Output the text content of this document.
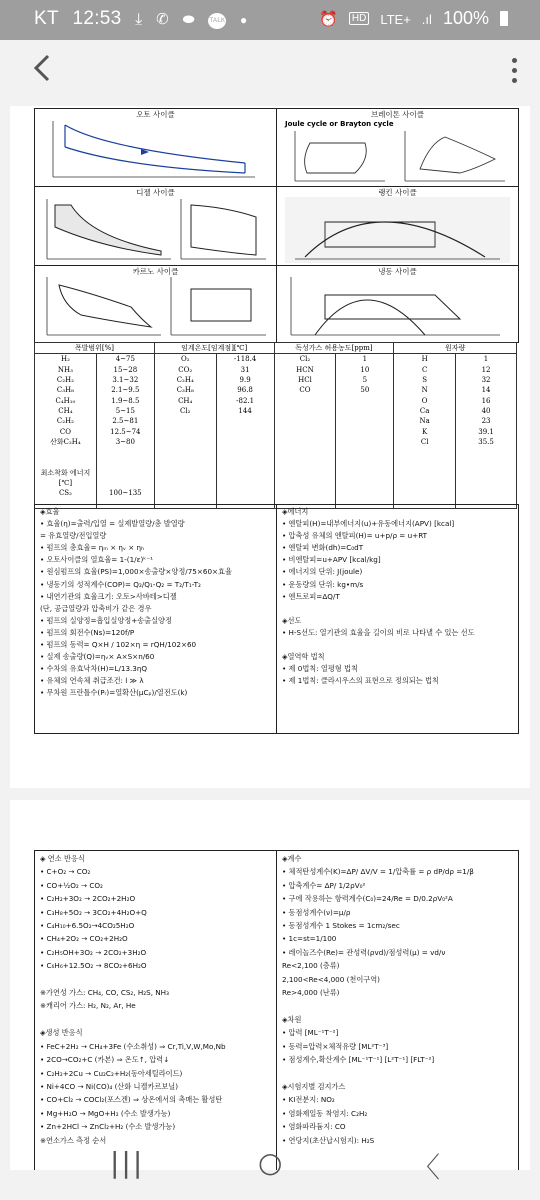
KT 12:53 ⤓ ✆ ⬬ TALK ●	⏰ HD LTE+ .ıl 100%
오토 사이클	브레이톤 사이클
디젤 사이클	랭킨 사이클
카르노 사이클	냉동 사이클
Joule cycle or Brayton cycle
폭발범위[%]		임계온도[임계점][℃]		독성가스 허용농도[ppm]		원자량	
H₂	4~75	O₂	-118.4	Cl₂	1	H	1
NH₃	15~28	CO₂	31	HCN	10	C	12
C₂H₂	3.1~32	C₂H₄	9.9	HCl	5	S	32
C₃H₈	2.1~9.5	C₃H₈	96.8	CO	50	N	14
C₄H₁₀	1.9~8.5	CH₄	-82.1			O	16
CH₄	5~15	Cl₂	144			Ca	40
C₂H₂	2.5~81					Na	23
CO	12.5~74					K	39.1
산화C₂H₄	3~80					Cl	35.5

최소착화 에너지[℃]							
CS₂	100~135						

◈효율
• 효율(η)=출력/입열 = 실제발열량/총 발열량
= 유효열량/전입열량
• 펌프의 총효율= ηₘ × ηᵥ × ηₕ
• 오토사이클의 열효율= 1-(1/ε)ᵏ⁻¹
• 원심펌프의 효율(PS)=1,000×송출량×양정/75×60×효율
• 냉동기의 성적계수(COP)= Q₂/Q₁-Q₂ = T₂/T₁-T₂
• 내연기관의 효율크기: 오토>사바테>디젤
(단, 공급열량과 압축비가 같은 경우
• 펌프의 실양정=흡입실양정+송출실양정
• 펌프의 회전수(Ns)=120f/P
• 펌프의 동력= Q×H / 102×η = rQH/102×60
• 실제 송출량(Q)=ηᵥ× A×S×n/60
• 수차의 유효낙차(H)=L/13.3ηQ
• 유체의 연속체 취급조건: l ≫ λ
• 무차원 프란틀수(Pᵣ)=열확산(μCₚ)/열전도(k)
◈에너지
• 엔탈피(H)=내부에너지(u)+유동에너지(APV) [kcal]
• 압축성 유체의 엔탈피(H)= u+p/ρ = u+RT
• 엔탈피 변화(dh)=C₀dT
• 비엔탈피=u+APV [kcal/kg]
• 에너지의 단위: J(joule)
• 운동량의 단위: kg•m/s
• 엔트로피=ΔQ/T

◈선도
• H-S선도: 열기관의 효율을 길이의 비로 나타낼 수 있는 선도

◈열역학 법칙
• 제 0법칙: 열평형 법칙
• 제 1법칙: 클라시우스의 표현으로 정의되는 법칙
◈ 연소 반응식
• C+O₂ → CO₂
• CO+½O₂ → CO₂
• C₂H₂+3O₂ → 2CO₂+2H₂O
• C₃H₈+5O₂ → 3CO₂+4H₂O+Q
• C₄H₁₀+6.5O₂→4CO₂5H₂O
• CH₄+2O₂ → CO₂+2H₂O
• C₂H₅OH+3O₂ → 2CO₂+3H₂O
• C₆H₆+12.5O₂ → 8CO₂+6H₂O

※가연성 가스: CH₄, CO, CS₂, H₂S, NH₃
※캐리어 가스: H₂, N₂, Ar, He

◈생성 반응식
• FeC+2H₂ → CH₄+3Fe (수소취성) ⇒ Cr,Ti,V,W,Mo,Nb
• 2CO→CO₂+C (카본) ⇒ 온도↑, 압력↓
• C₂H₂+2Cu → Cu₂C₂+H₂(동아세틸라이드)
• Ni+4CO → Ni(CO)₄ (산화 니켈카르보닐)
• CO+Cl₂ → COCl₂(포스겐) ⇒ 상온에서의 촉매는 활성탄
• Mg+H₂O → MgO+H₂ (수소 발생가능)
• Zn+2HCl → ZnCl₂+H₂ (수소 발생가능)
※연소가스 측정 순서
◈계수
• 체적탄성계수(K)=ΔP/ ΔV/V = 1/압축률 = ρ dP/dρ =1/β
• 압축계수= ΔP/ 1/2ρV₀²
• 구에 작용하는 항력계수(C₀)=24/Re = D/0.2ρV₀²A
• 동점성계수(ν)=μ/ρ
• 동점성계수 1 Stokes = 1cm₂/sec
• 1c=st=1/100
• 레이놀즈수(Re)= 관성력(ρvd)/점성력(μ) = vd/ν
Re<2,100 (층류)
2,100<Re<4,000 (천이구역)
Re>4,000 (난류)

◈차원
• 압력 [ML⁻¹T⁻²]
• 동력=압력×체적유량 [ML²T⁻³]
• 점성계수,확산계수 [ML⁻¹T⁻¹] [L²T⁻¹] [FLT⁻²]

◈시험지별 검지가스
• KI전분지: NO₂
• 염화제일동 착염지: C₂H₂
• 염화파라듐지: CO
• 연당지(초산납시험지): H₂S
|||	○	〈
